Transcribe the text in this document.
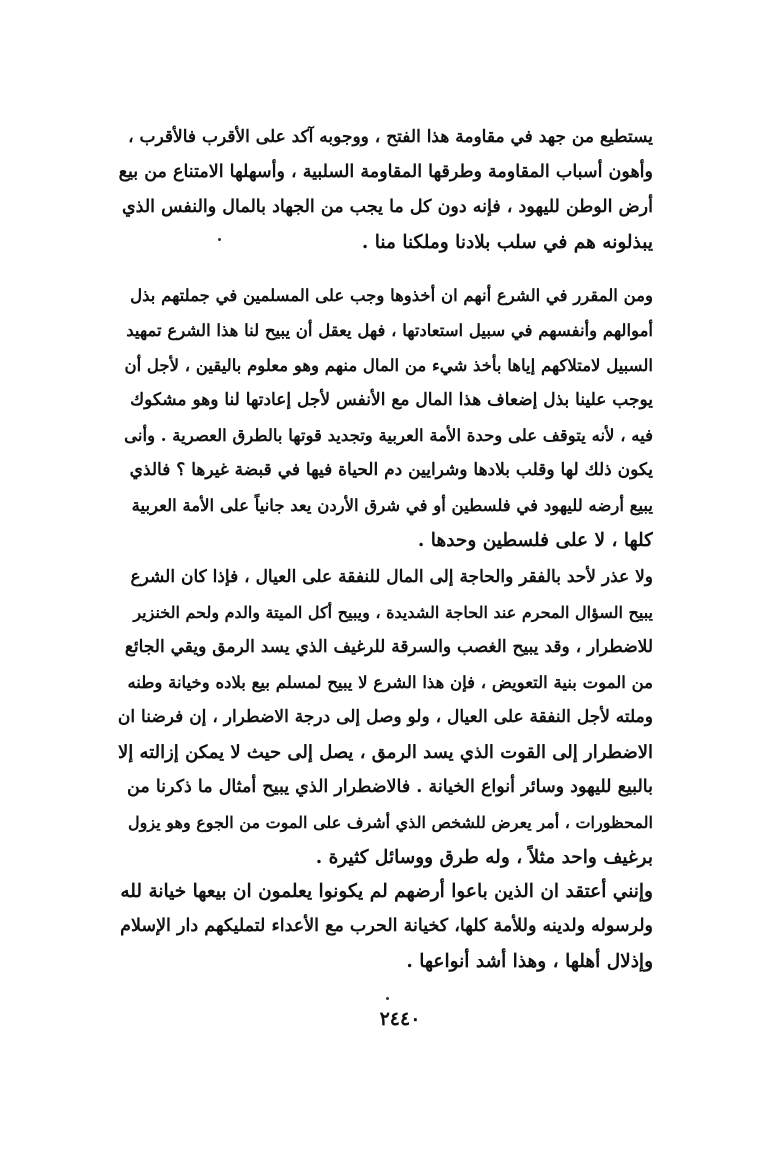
يستطيع من جهد في مقاومة هذا الفتح ، ووجوبه آكد على الأقرب فالأقرب ،
وأهون أسباب المقاومة وطرقها المقاومة السلبية ، وأسهلها الامتناع من بيع
أرض الوطن لليهود ، فإنه دون كل ما يجب من الجهاد بالمال والنفس الذي
يبذلونه هم في سلب بلادنا وملكنا منا .
ومن المقرر في الشرع أنهم ان أخذوها وجب على المسلمين في جملتهم بذل
أموالهم وأنفسهم في سبيل استعادتها ، فهل يعقل أن يبيح لنا هذا الشرع تمهيد
السبيل لامتلاكهم إياها بأخذ شيء من المال منهم وهو معلوم باليقين ، لأجل أن
يوجب علينا بذل إضعاف هذا المال مع الأنفس لأجل إعادتها لنا وهو مشكوك
فيه ، لأنه يتوقف على وحدة الأمة العربية وتجديد قوتها بالطرق العصرية . وأنى
يكون ذلك لها وقلب بلادها وشرايين دم الحياة فيها في قبضة غيرها ؟ فالذي
يبيع أرضه لليهود في فلسطين أو في شرق الأردن يعد جانياً على الأمة العربية
كلها ، لا على فلسطين وحدها .
ولا عذر لأحد بالفقر والحاجة إلى المال للنفقة على العيال ، فإذا كان الشرع
يبيح السؤال المحرم عند الحاجة الشديدة ، ويبيح أكل الميتة والدم ولحم الخنزير
للاضطرار ، وقد يبيح الغصب والسرقة للرغيف الذي يسد الرمق ويقي الجائع
من الموت بنية التعويض ، فإن هذا الشرع لا يبيح لمسلم بيع بلاده وخيانة وطنه
وملته لأجل النفقة على العيال ، ولو وصل إلى درجة الاضطرار ، إن فرضنا ان
الاضطرار إلى القوت الذي يسد الرمق ، يصل إلى حيث لا يمكن إزالته إلا
بالبيع لليهود وسائر أنواع الخيانة . فالاضطرار الذي يبيح أمثال ما ذكرنا من
المحظورات ، أمر يعرض للشخص الذي أشرف على الموت من الجوع وهو يزول
برغيف واحد مثلاً ، وله طرق ووسائل كثيرة .
وإنني أعتقد ان الذين باعوا أرضهم لم يكونوا يعلمون ان بيعها خيانة لله
ولرسوله ولدينه وللأمة كلها، كخيانة الحرب مع الأعداء لتمليكهم دار الإسلام
وإذلال أهلها ، وهذا أشد أنواعها .
٢٤٤٠
